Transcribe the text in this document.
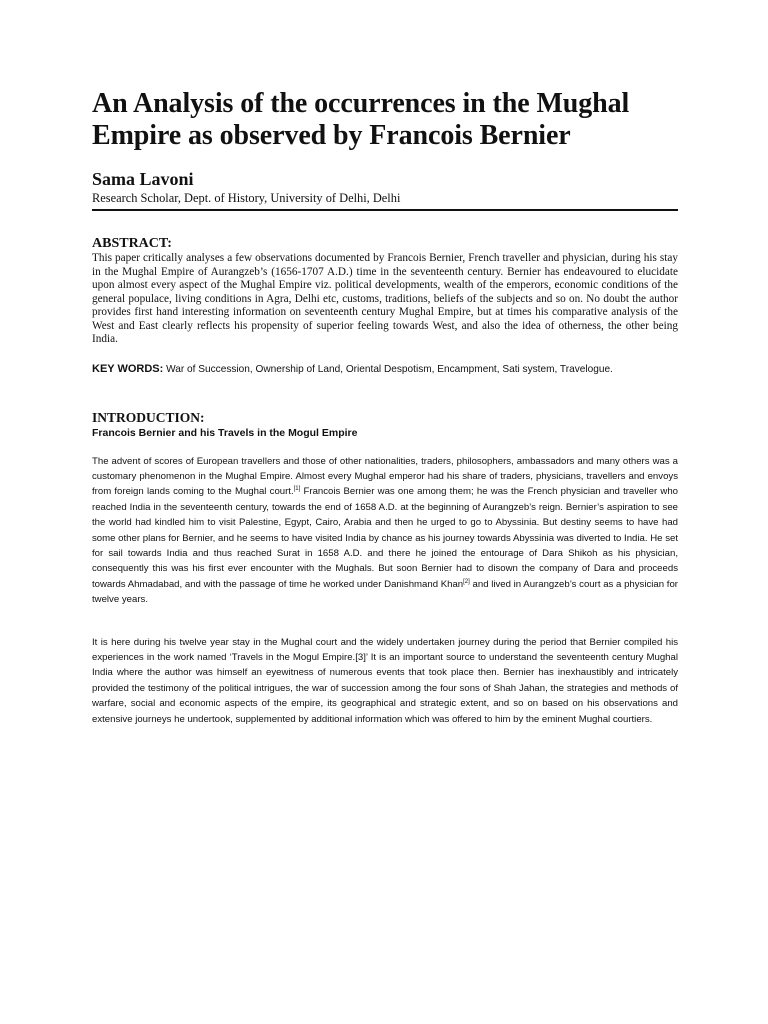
An Analysis of the occurrences in the Mughal Empire as observed by Francois Bernier
Sama Lavoni
Research Scholar, Dept. of History, University of Delhi, Delhi
ABSTRACT:

This paper critically analyses a few observations documented by Francois Bernier, French traveller and physician, during his stay in the Mughal Empire of Aurangzeb’s (1656-1707 A.D.) time in the seventeenth century. Bernier has endeavoured to elucidate upon almost every aspect of the Mughal Empire viz. political developments, wealth of the emperors, economic conditions of the general populace, living conditions in Agra, Delhi etc, customs, traditions, beliefs of the subjects and so on. No doubt the author provides first hand interesting information on seventeenth century Mughal Empire, but at times his comparative analysis of the West and East clearly reflects his propensity of superior feeling towards West, and also the idea of otherness, the other being India.

KEY WORDS: War of Succession, Ownership of Land, Oriental Despotism, Encampment, Sati system, Travelogue.
INTRODUCTION:
Francois Bernier and his Travels in the Mogul Empire

The advent of scores of European travellers and those of other nationalities, traders, philosophers, ambassadors and many others was a customary phenomenon in the Mughal Empire. Almost every Mughal emperor had his share of traders, physicians, travellers and envoys from foreign lands coming to the Mughal court.[1] Francois Bernier was one among them; he was the French physician and traveller who reached India in the seventeenth century, towards the end of 1658 A.D. at the beginning of Aurangzeb’s reign. Bernier’s aspiration to see the world had kindled him to visit Palestine, Egypt, Cairo, Arabia and then he urged to go to Abyssinia. But destiny seems to have had some other plans for Bernier, and he seems to have visited India by chance as his journey towards Abyssinia was diverted to India. He set for sail towards India and thus reached Surat in 1658 A.D. and there he joined the entourage of Dara Shikoh as his physician, consequently this was his first ever encounter with the Mughals. But soon Bernier had to disown the company of Dara and proceeds towards Ahmadabad, and with the passage of time he worked under Danishmand Khan[2] and lived in Aurangzeb’s court as a physician for twelve years.

It is here during his twelve year stay in the Mughal court and the widely undertaken journey during the period that Bernier compiled his experiences in the work named ‘Travels in the Mogul Empire.[3]’ It is an important source to understand the seventeenth century Mughal India where the author was himself an eyewitness of numerous events that took place then. Bernier has inexhaustibly and intricately provided the testimony of the political intrigues, the war of succession among the four sons of Shah Jahan, the strategies and methods of warfare, social and economic aspects of the empire, its geographical and strategic extent, and so on based on his observations and extensive journeys he undertook, supplemented by additional information which was offered to him by the eminent Mughal courtiers.
